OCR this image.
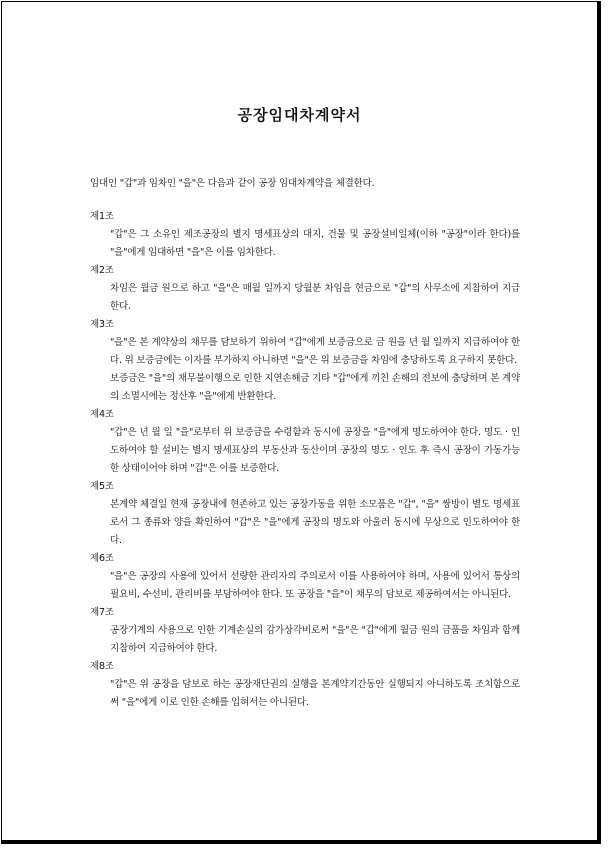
공장임대차계약서
임대인 "갑"과 임차인 "을"은 다음과 같이 공장 임대차계약을 체결한다.
제1조
"갑"은 그 소유인 제조공장의 별지 명세표상의 대지, 건물 및 공장설비일체(이하 "공장"이라 한다)를 "을"에게 임대하면 "을"은 이를 임차한다.
제2조
차임은 월금 원으로 하고 "을"은 매월 일까지 당월분 차임을 현금으로 "갑"의 사무소에 지참하여 지급한다.
제3조
"을"은 본 계약상의 채무를 담보하기 위하여 "갑"에게 보증금으로 금 원을 년 월 일까지 지급하여야 한다. 위 보증금에는 이자를 부가하지 아니하면 "을"은 위 보증금을 차임에 충당하도록 요구하지 못한다.
보증금은 "을"의 채무불이행으로 인한 지연손해금 기타 "갑"에게 끼친 손해의 전보에 충당하며 본 계약의 소멸시에는 정산후 "을"에게 반환한다.
제4조
"갑"은 년 월 일 "을"로부터 위 보증금을 수령함과 동시에 공장을 "을"에게 명도하여야 한다. 명도 · 인도하여야 할 설비는 별지 명세표상의 부동산과 동산이며 공장의 명도 · 인도 후 즉시 공장이 가동가능 한 상태이어야 하며 "갑"은 이를 보증한다.
제5조
본계약 체결일 현재 공장내에 현존하고 있는 공장가동을 위한 소모품은 "갑", "을" 쌍방이 별도 명세표로서 그 종류와 양을 확인하여 "갑"은 "을"에게 공장의 명도와 아울러 동시에 무상으로 인도하여야 한다.
제6조
"을"은 공장의 사용에 있어서 선량한 관리자의 주의로서 이를 사용하여야 하며, 사용에 있어서 통상의 필요비, 수선비, 관리비를 부담하여야 한다. 또 공장을 "을"이 채무의 담보로 제공하여서는 아니된다.
제7조
공장기계의 사용으로 인한 기계손실의 감가상각비로써 "을"은 "갑"에게 월금 원의 금품을 차임과 함께 지참하여 지급하여야 한다.
제8조
"갑"은 위 공장을 담보로 하는 공장재단권의 실행을 본계약기간동안 실행되지 아니하도록 조치함으로써 "을"에게 이로 인한 손해를 입혀서는 아니된다.
